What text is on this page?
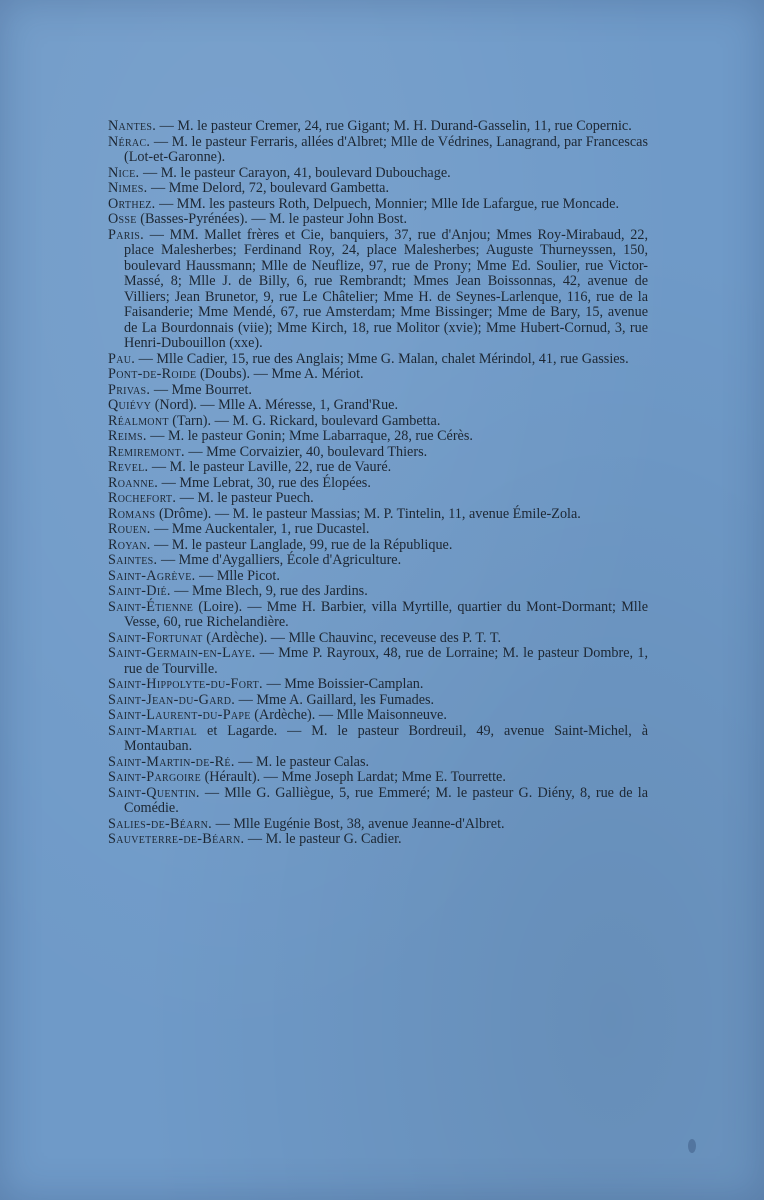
Nantes. — M. le pasteur Cremer, 24, rue Gigant; M. H. Durand-Gasselin, 11, rue Copernic.

Nérac. — M. le pasteur Ferraris, allées d'Albret; Mlle de Védrines, Lanagrand, par Francescas (Lot-et-Garonne).

Nice. — M. le pasteur Carayon, 41, boulevard Dubouchage.

Nimes. — Mme Delord, 72, boulevard Gambetta.

Orthez. — MM. les pasteurs Roth, Delpuech, Monnier; Mlle Ide Lafargue, rue Moncade.

Osse (Basses-Pyrénées). — M. le pasteur John Bost.

Paris. — MM. Mallet frères et Cie, banquiers, 37, rue d'Anjou; Mmes Roy-Mirabaud, 22, place Malesherbes; Ferdinand Roy, 24, place Malesherbes; Auguste Thurneyssen, 150, boulevard Haussmann; Mlle de Neuflize, 97, rue de Prony; Mme Ed. Soulier, rue Victor-Massé, 8; Mlle J. de Billy, 6, rue Rembrandt; Mmes Jean Boissonnas, 42, avenue de Villiers; Jean Brunetor, 9, rue Le Châtelier; Mme H. de Seynes-Larlenque, 116, rue de la Faisanderie; Mme Mendé, 67, rue Amsterdam; Mme Bissinger; Mme de Bary, 15, avenue de La Bourdonnais (viie); Mme Kirch, 18, rue Molitor (xvie); Mme Hubert-Cornud, 3, rue Henri-Dubouillon (xxe).

Pau. — Mlle Cadier, 15, rue des Anglais; Mme G. Malan, chalet Mérindol, 41, rue Gassies.

Pont-de-Roide (Doubs). — Mme A. Mériot.

Privas. — Mme Bourret.

Quiévy (Nord). — Mlle A. Méresse, 1, Grand'Rue.

Réalmont (Tarn). — M. G. Rickard, boulevard Gambetta.

Reims. — M. le pasteur Gonin; Mme Labarraque, 28, rue Cérès.

Remiremont. — Mme Corvaizier, 40, boulevard Thiers.

Revel. — M. le pasteur Laville, 22, rue de Vauré.

Roanne. — Mme Lebrat, 30, rue des Élopées.

Rochefort. — M. le pasteur Puech.

Romans (Drôme). — M. le pasteur Massias; M. P. Tintelin, 11, avenue Émile-Zola.

Rouen. — Mme Auckentaler, 1, rue Ducastel.

Royan. — M. le pasteur Langlade, 99, rue de la République.

Saintes. — Mme d'Aygalliers, École d'Agriculture.

Saint-Agrève. — Mlle Picot.

Saint-Dié. — Mme Blech, 9, rue des Jardins.

Saint-Étienne (Loire). — Mme H. Barbier, villa Myrtille, quartier du Mont-Dormant; Mlle Vesse, 60, rue Richelandière.

Saint-Fortunat (Ardèche). — Mlle Chauvinc, receveuse des P. T. T.

Saint-Germain-en-Laye. — Mme P. Rayroux, 48, rue de Lorraine; M. le pasteur Dombre, 1, rue de Tourville.

Saint-Hippolyte-du-Fort. — Mme Boissier-Camplan.

Saint-Jean-du-Gard. — Mme A. Gaillard, les Fumades.

Saint-Laurent-du-Pape (Ardèche). — Mlle Maisonneuve.

Saint-Martial et Lagarde. — M. le pasteur Bordreuil, 49, avenue Saint-Michel, à Montauban.

Saint-Martin-de-Ré. — M. le pasteur Calas.

Saint-Pargoire (Hérault). — Mme Joseph Lardat; Mme E. Tourrette.

Saint-Quentin. — Mlle G. Galliègue, 5, rue Emmeré; M. le pasteur G. Diény, 8, rue de la Comédie.

Salies-de-Béarn. — Mlle Eugénie Bost, 38, avenue Jeanne-d'Albret.

Sauveterre-de-Béarn. — M. le pasteur G. Cadier.
